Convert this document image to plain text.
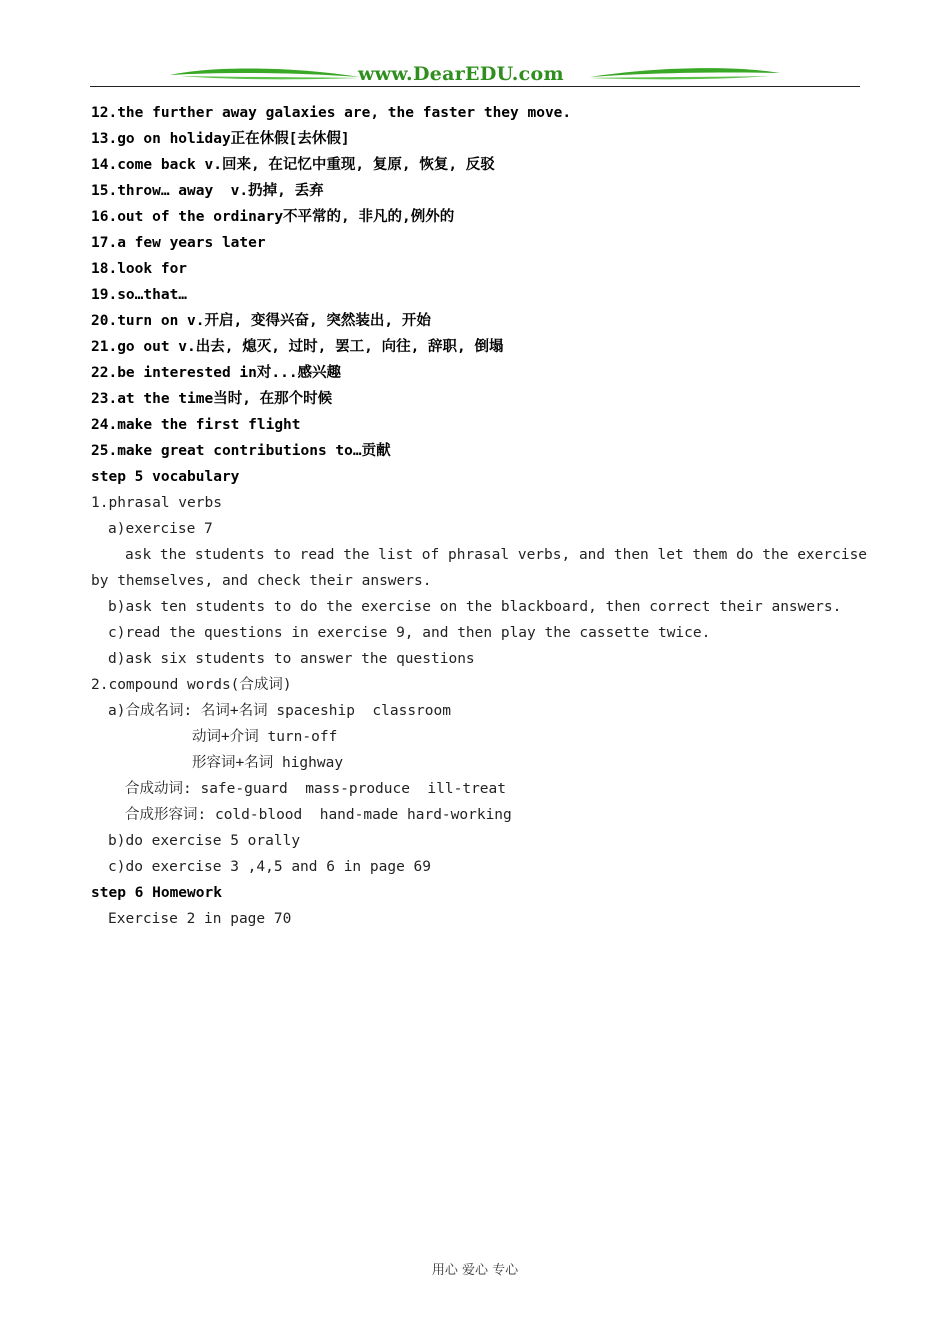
www.DearEDU.com
12.the further away galaxies are, the faster they move.
13.go on holiday正在休假[去休假]
14.come back v.回来, 在记忆中重现, 复原, 恢复, 反驳
15.throw… away  v.扔掉, 丢弃
16.out of the ordinary不平常的, 非凡的,例外的
17.a few years later
18.look for
19.so…that…
20.turn on v.开启, 变得兴奋, 突然装出, 开始
21.go out v.出去, 熄灭, 过时, 罢工, 向往, 辞职, 倒塌
22.be interested in对...感兴趣
23.at the time当时, 在那个时候
24.make the first flight
25.make great contributions to…贡献
step 5 vocabulary
1.phrasal verbs
a)exercise 7
ask the students to read the list of phrasal verbs, and then let them do the exercise
by themselves, and check their answers.
b)ask ten students to do the exercise on the blackboard, then correct their answers.
c)read the questions in exercise 9, and then play the cassette twice.
d)ask six students to answer the questions
2.compound words(合成词)
a)合成名词: 名词+名词 spaceship  classroom
动词+介词 turn-off
形容词+名词 highway
合成动词: safe-guard  mass-produce  ill-treat
合成形容词: cold-blood  hand-made hard-working
b)do exercise 5 orally
c)do exercise 3 ,4,5 and 6 in page 69
step 6 Homework
Exercise 2 in page 70
用心 爱心 专心
